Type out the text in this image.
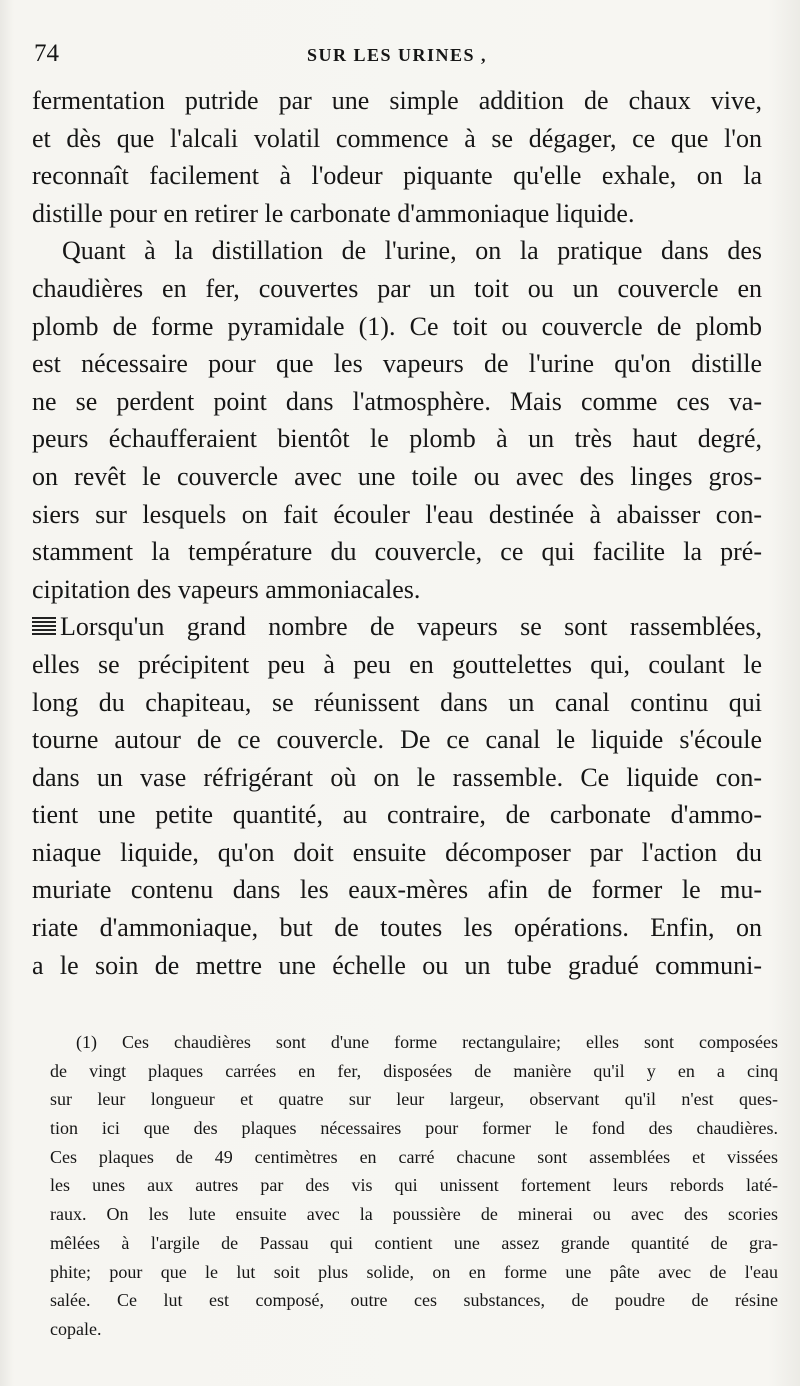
74	SUR LES URINES ,
fermentation putride par une simple addition de chaux vive,
et dès que l'alcali volatil commence à se dégager, ce que l'on
reconnaît facilement à l'odeur piquante qu'elle exhale, on la
distille pour en retirer le carbonate d'ammoniaque liquide.
Quant à la distillation de l'urine, on la pratique dans des
chaudières en fer, couvertes par un toit ou un couvercle en
plomb de forme pyramidale (1). Ce toit ou couvercle de plomb
est nécessaire pour que les vapeurs de l'urine qu'on distille
ne se perdent point dans l'atmosphère. Mais comme ces va-
peurs échaufferaient bientôt le plomb à un très haut degré,
on revêt le couvercle avec une toile ou avec des linges gros-
siers sur lesquels on fait écouler l'eau destinée à abaisser con-
stamment la température du couvercle, ce qui facilite la pré-
cipitation des vapeurs ammoniacales.
Lorsqu'un grand nombre de vapeurs se sont rassemblées,
elles se précipitent peu à peu en gouttelettes qui, coulant le
long du chapiteau, se réunissent dans un canal continu qui
tourne autour de ce couvercle. De ce canal le liquide s'écoule
dans un vase réfrigérant où on le rassemble. Ce liquide con-
tient une petite quantité, au contraire, de carbonate d'ammo-
niaque liquide, qu'on doit ensuite décomposer par l'action du
muriate contenu dans les eaux-mères afin de former le mu-
riate d'ammoniaque, but de toutes les opérations. Enfin, on
a le soin de mettre une échelle ou un tube gradué communi-
(1) Ces chaudières sont d'une forme rectangulaire; elles sont composées
de vingt plaques carrées en fer, disposées de manière qu'il y en a cinq
sur leur longueur et quatre sur leur largeur, observant qu'il n'est ques-
tion ici que des plaques nécessaires pour former le fond des chaudières.
Ces plaques de 49 centimètres en carré chacune sont assemblées et vissées
les unes aux autres par des vis qui unissent fortement leurs rebords laté-
raux. On les lute ensuite avec la poussière de minerai ou avec des scories
mêlées à l'argile de Passau qui contient une assez grande quantité de gra-
phite; pour que le lut soit plus solide, on en forme une pâte avec de l'eau
salée. Ce lut est composé, outre ces substances, de poudre de résine
copale.
